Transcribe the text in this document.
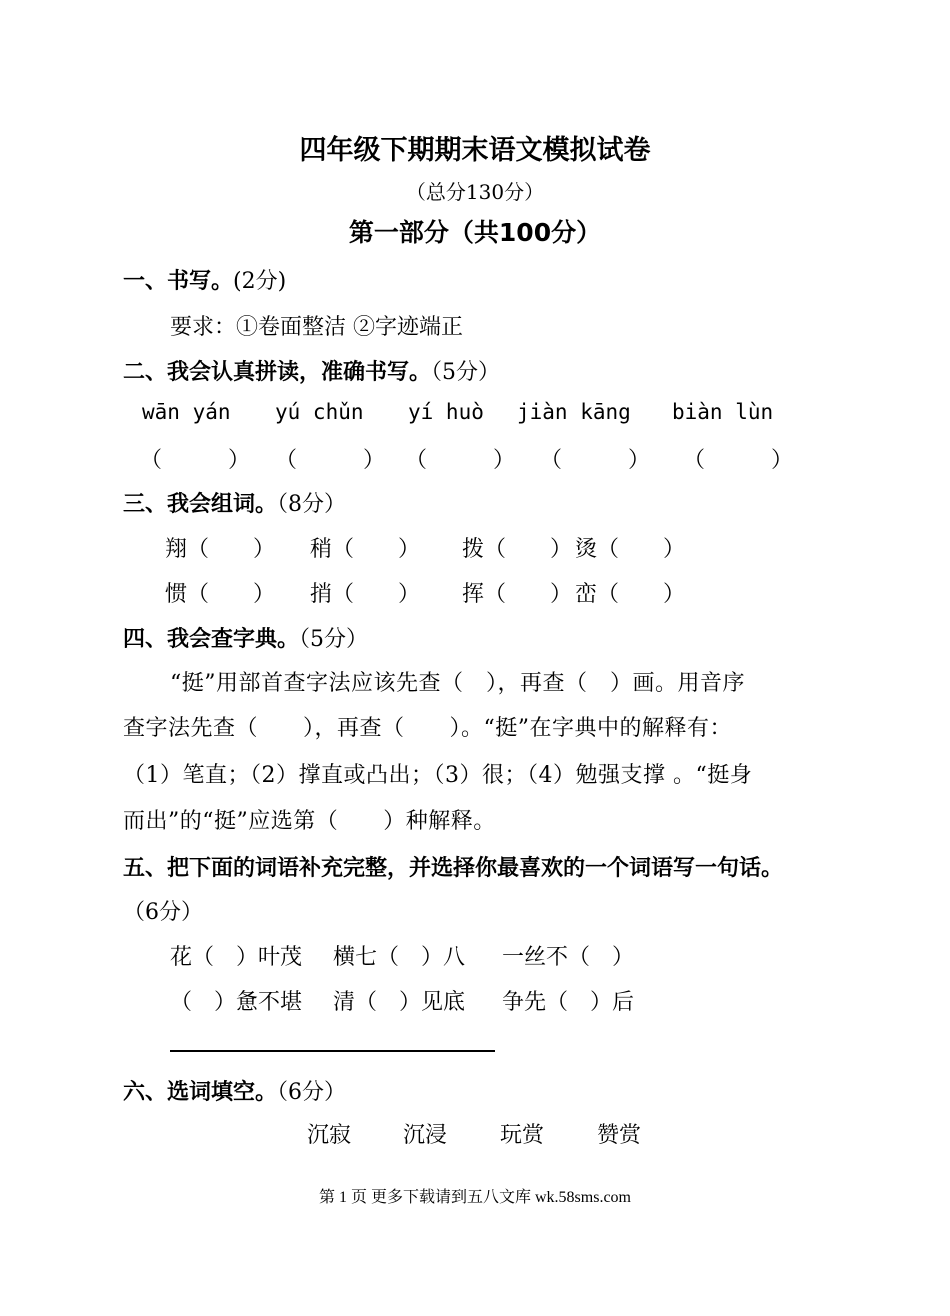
四年级下期期末语文模拟试卷
（总分130分）
第一部分（共100分）
一、书写。(2分)
要求：①卷面整洁 ②字迹端正
二、我会认真拼读，准确书写。（5分）
wān yán yú chǔn yí huò jiàn kāng biàn lùn
（　　　） （　　　） （　　　） （　　　） （　　　）
三、我会组词。（8分）
翔（　　） 稍（　　） 拨（　　） 烫（　　）
惯（　　） 捎（　　） 挥（　　） 峦（　　）
四、我会查字典。（5分）
“挺”用部首查字法应该先查（　），再查（　）画。用音序
查字法先查（　　），再查（　　）。“挺”在字典中的解释有：
（1）笔直；（2）撑直或凸出；（3）很；（4）勉强支撑 。“挺身
而出”的“挺”应选第（　　）种解释。
五、把下面的词语补充完整，并选择你最喜欢的一个词语写一句话。
（6分）
花（　）叶茂 横七（　）八 一丝不（　）
（　）惫不堪 清（　）见底 争先（　）后
六、选词填空。（6分）
沉寂 沉浸 玩赏 赞赏
第 1 页 更多下载请到五八文库 wk.58sms.com
